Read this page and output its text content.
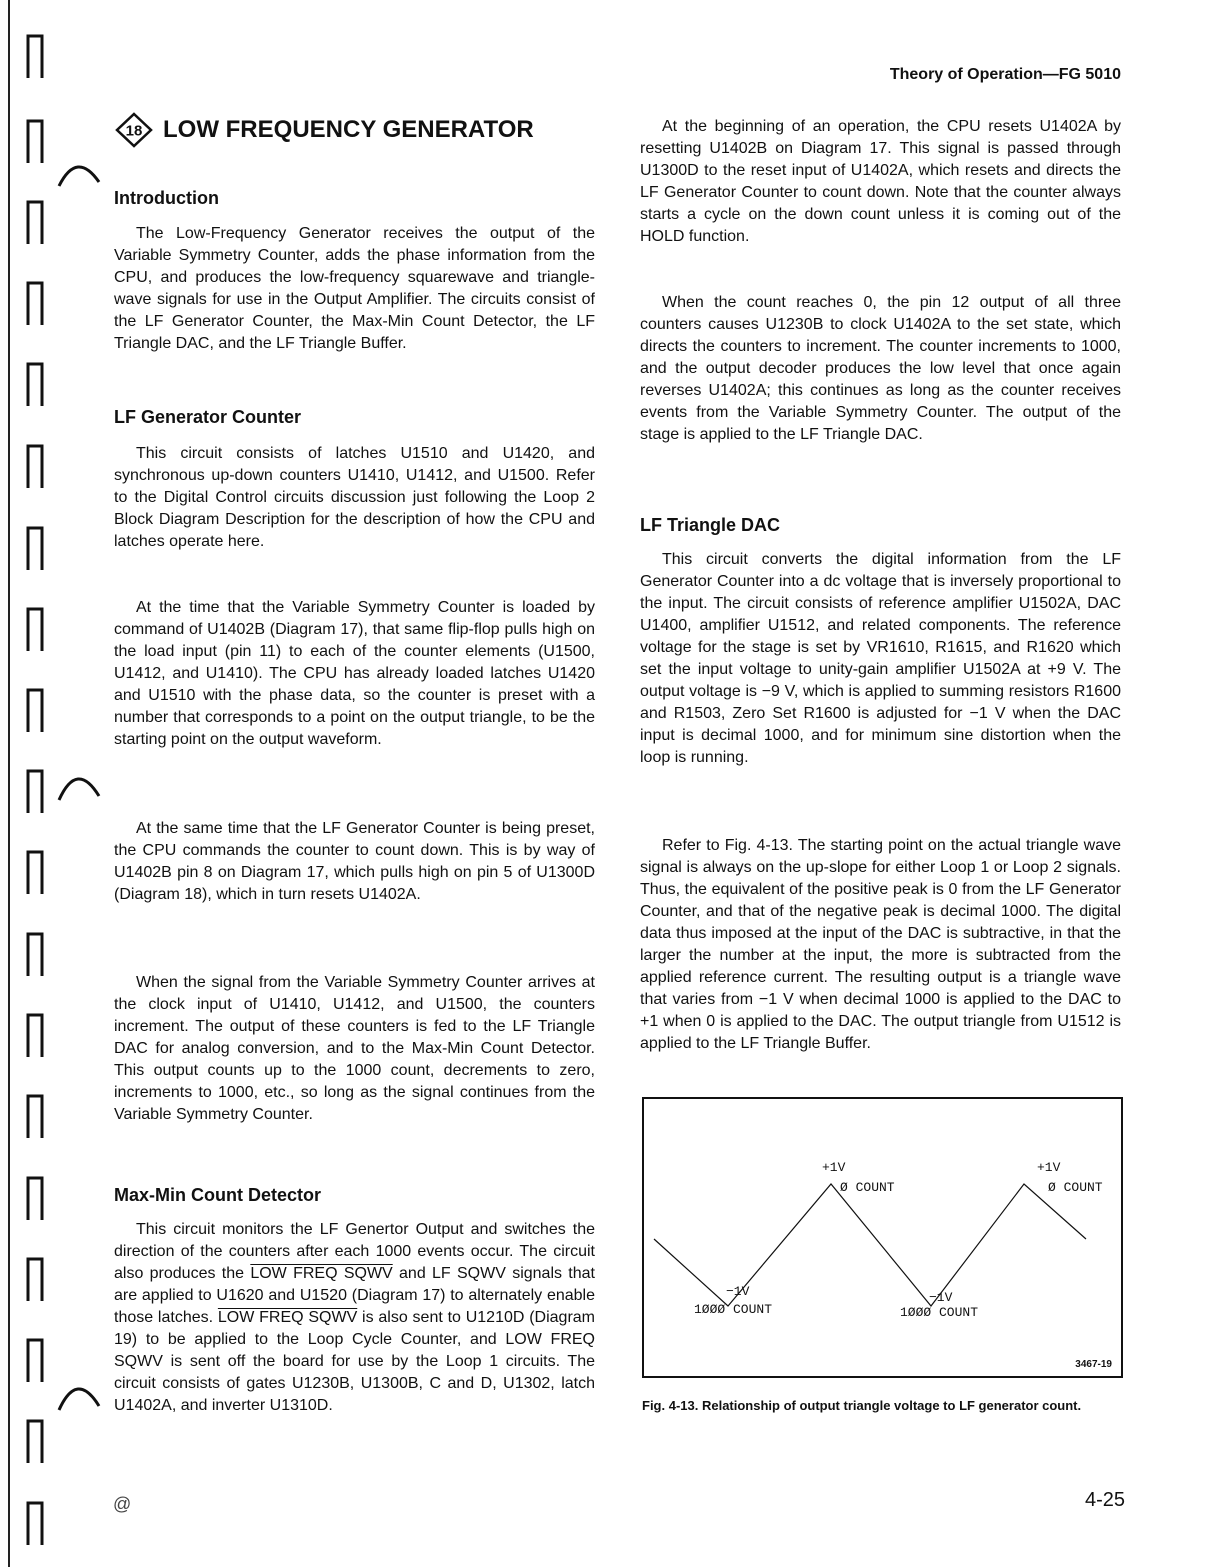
Theory of Operation—FG 5010
18 LOW FREQUENCY GENERATOR
Introduction

The Low-Frequency Generator receives the output of the Variable Symmetry Counter, adds the phase information from the CPU, and produces the low-frequency squarewave and triangle-wave signals for use in the Output Amplifier. The circuits consist of the LF Generator Counter, the Max-Min Count Detector, the LF Triangle DAC, and the LF Triangle Buffer.

LF Generator Counter

This circuit consists of latches U1510 and U1420, and synchronous up-down counters U1410, U1412, and U1500. Refer to the Digital Control circuits discussion just following the Loop 2 Block Diagram Description for the description of how the CPU and latches operate here.

At the time that the Variable Symmetry Counter is loaded by command of U1402B (Diagram 17), that same flip-flop pulls high on the load input (pin 11) to each of the counter elements (U1500, U1412, and U1410). The CPU has already loaded latches U1420 and U1510 with the phase data, so the counter is preset with a number that corresponds to a point on the output triangle, to be the starting point on the output waveform.

At the same time that the LF Generator Counter is being preset, the CPU commands the counter to count down. This is by way of U1402B pin 8 on Diagram 17, which pulls high on pin 5 of U1300D (Diagram 18), which in turn resets U1402A.

When the signal from the Variable Symmetry Counter arrives at the clock input of U1410, U1412, and U1500, the counters increment. The output of these counters is fed to the LF Triangle DAC for analog conversion, and to the Max-Min Count Detector. This output counts up to the 1000 count, decrements to zero, increments to 1000, etc., so long as the signal continues from the Variable Symmetry Counter.

Max-Min Count Detector

This circuit monitors the LF Genertor Output and switches the direction of the counters after each 1000 events occur. The circuit also produces the LOW FREQ SQWV and LF SQWV signals that are applied to U1620 and U1520 (Diagram 17) to alternately enable those latches. LOW FREQ SQWV is also sent to U1210D (Diagram 19) to be applied to the Loop Cycle Counter, and LOW FREQ SQWV is sent off the board for use by the Loop 1 circuits. The circuit consists of gates U1230B, U1300B, C and D, U1302, latch U1402A, and inverter U1310D.

At the beginning of an operation, the CPU resets U1402A by resetting U1402B on Diagram 17. This signal is passed through U1300D to the reset input of U1402A, which resets and directs the LF Generator Counter to count down. Note that the counter always starts a cycle on the down count unless it is coming out of the HOLD function.

When the count reaches 0, the pin 12 output of all three counters causes U1230B to clock U1402A to the set state, which directs the counters to increment. The counter increments to 1000, and the output decoder produces the low level that once again reverses U1402A; this continues as long as the counter receives events from the Variable Symmetry Counter. The output of the stage is applied to the LF Triangle DAC.

LF Triangle DAC

This circuit converts the digital information from the LF Generator Counter into a dc voltage that is inversely proportional to the input. The circuit consists of reference amplifier U1502A, DAC U1400, amplifier U1512, and related components. The reference voltage for the stage is set by VR1610, R1615, and R1620 which set the input voltage to unity-gain amplifier U1502A at +9 V. The output voltage is −9 V, which is applied to summing resistors R1600 and R1503, Zero Set R1600 is adjusted for −1 V when the DAC input is decimal 1000, and for minimum sine distortion when the loop is running.

Refer to Fig. 4-13. The starting point on the actual triangle wave signal is always on the up-slope for either Loop 1 or Loop 2 signals. Thus, the equivalent of the positive peak is 0 from the LF Generator Counter, and that of the negative peak is decimal 1000. The digital data thus imposed at the input of the DAC is subtractive, in that the larger the number at the input, the more is subtracted from the applied reference current. The resulting output is a triangle wave that varies from −1 V when decimal 1000 is applied to the DAC to +1 when 0 is applied to the DAC. The output triangle from U1512 is applied to the LF Triangle Buffer.

+1V
Ø COUNT
+1V
Ø COUNT
−1V
1ØØØ COUNT
−1V
1ØØØ COUNT
3467-19
Fig. 4-13. Relationship of output triangle voltage to LF generator count.
@	4-25
